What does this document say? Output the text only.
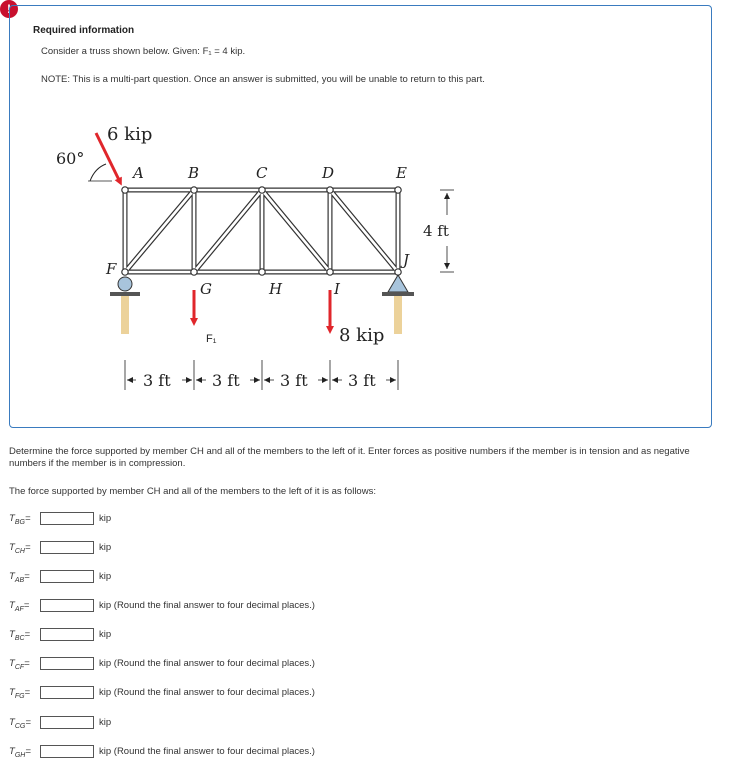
!
Required information
Consider a truss shown below. Given: F₁ = 4 kip.
NOTE: This is a multi-part question. Once an answer is submitted, you will be unable to return to this part.
A	B	C	D	E
F
G	H	I
J
6 kip
60°
F₁	8 kip
4 ft
3 ft	3 ft	3 ft	3 ft
Determine the force supported by member CH and all of the members to the left of it. Enter forces as positive numbers if the member is in tension and as negative numbers if the member is in compression.
The force supported by member CH and all of the members to the left of it is as follows:
$T_{BG}=$	kip
$T_{CH}=$	kip
$T_{AB}=$	kip
$T_{AF}=$	kip (Round the final answer to four decimal places.)
$T_{BC}=$	kip
$T_{CF}=$	kip (Round the final answer to four decimal places.)
$T_{FG}=$	kip (Round the final answer to four decimal places.)
$T_{CG}=$	kip
$T_{GH}=$	kip (Round the final answer to four decimal places.)
